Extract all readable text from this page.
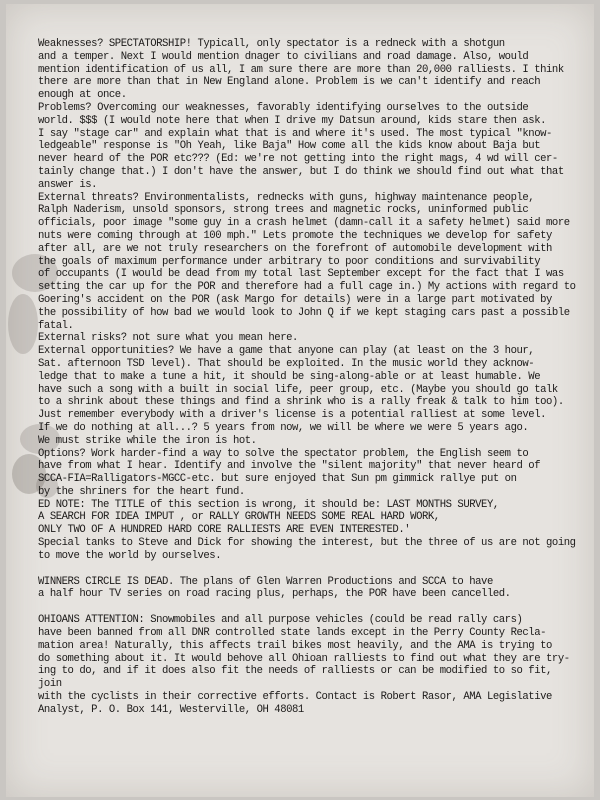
Weaknesses? SPECTATORSHIP! Typicall, only spectator is a redneck with a shotgun
and a temper. Next I would mention dnager to civilians and road damage. Also, would
mention identification of us all, I am sure there are more than 20,000 ralliests. I think
there are more than that in New England alone. Problem is we can't identify and reach
enough at once.
Problems? Overcoming our weaknesses, favorably identifying ourselves to the outside
world. $$$ (I would note here that when I drive my Datsun around, kids stare then ask.
I say "stage car" and explain what that is and where it's used. The most typical "know-
ledgeable" response is "Oh Yeah, like Baja" How come all the kids know about Baja but
never heard of the POR etc??? (Ed: we're not getting into the right mags, 4 wd will cer-
tainly change that.) I don't have the answer, but I do think we should find out what that
answer is.
External threats? Environmentalists, rednecks with guns, highway maintenance people,
Ralph Naderism, unsold sponsors, strong trees and magnetic rocks, uninformed public
officials, poor image "some guy in a crash helmet (damn-call it a safety helmet) said more
nuts were coming through at 100 mph." Lets promote the techniques we develop for safety
after all, are we not truly researchers on the forefront of automobile development with
the goals of maximum performance under arbitrary to poor conditions and survivability
of occupants (I would be dead from my total last September except for the fact that I was
setting the car up for the POR and therefore had a full cage in.) My actions with regard to
Goering's accident on the POR (ask Margo for details) were in a large part motivated by
the possibility of how bad we would look to John Q if we kept staging cars past a possible
fatal.
External risks? not sure what you mean here.
External opportunities? We have a game that anyone can play (at least on the 3 hour,
Sat. afternoon TSD level). That should be exploited. In the music world they acknow-
ledge that to make a tune a hit, it should be sing-along-able or at least humable. We
have such a song with a built in social life, peer group, etc. (Maybe you should go talk
to a shrink about these things and find a shrink who is a rally freak & talk to him too).
Just remember everybody with a driver's license is a potential ralliest at some level.
If we do nothing at all...? 5 years from now, we will be where we were 5 years ago.
We must strike while the iron is hot.
Options? Work harder-find a way to solve the spectator problem, the English seem to
have from what I hear. Identify and involve the "silent majority" that never heard of
SCCA-FIA=Ralligators-MGCC-etc. but sure enjoyed that Sun pm gimmick rallye put on
by the shriners for the heart fund.
ED NOTE: The TITLE of this section is wrong, it should be: LAST MONTHS SURVEY,
A SEARCH FOR IDEA IMPUT , or RALLY GROWTH NEEDS SOME REAL HARD WORK,
ONLY TWO OF A HUNDRED HARD CORE RALLIESTS ARE EVEN INTERESTED.'
Special tanks to Steve and Dick for showing the interest, but the three of us are not going
to move the world by ourselves.
WINNERS CIRCLE IS DEAD. The plans of Glen Warren Productions and SCCA to have
a half hour TV series on road racing plus, perhaps, the POR have been cancelled.
OHIOANS ATTENTION: Snowmobiles and all purpose vehicles (could be read rally cars)
have been banned from all DNR controlled state lands except in the Perry County Recla-
mation area! Naturally, this affects trail bikes most heavily, and the AMA is trying to
do something about it. It would behove all Ohioan ralliests to find out what they are try-
ing to do, and if it does also fit the needs of ralliests or can be modified to so fit, join
with the cyclists in their corrective efforts. Contact is Robert Rasor, AMA Legislative
Analyst, P. O. Box 141, Westerville, OH 48081
